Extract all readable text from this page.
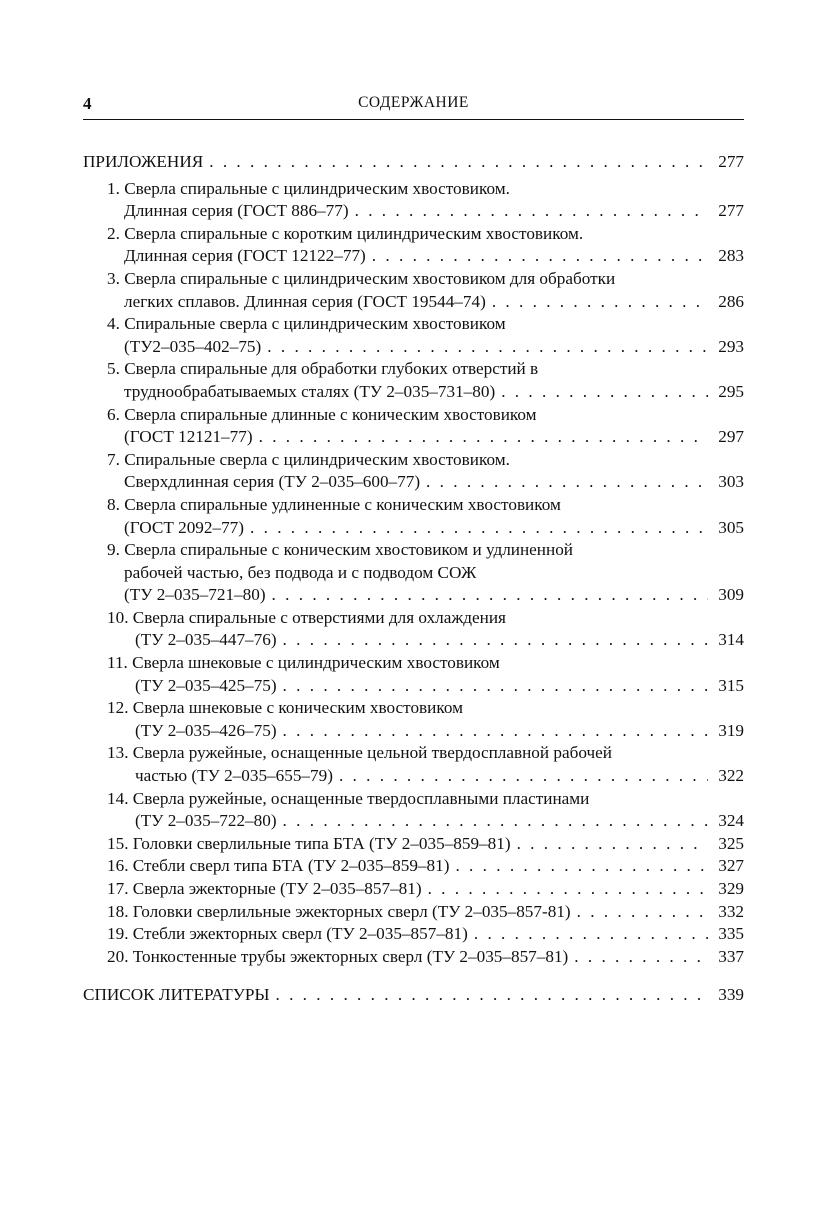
СОДЕРЖАНИЕ
4
ПРИЛОЖЕНИЯ . . .	277
1. Сверла спиральные с цилиндрическим хвостовиком.
Длинная серия (ГОСТ 886–77) . . .	277
2. Сверла спиральные с коротким цилиндрическим хвостовиком.
Длинная серия (ГОСТ 12122–77) . . .	283
3. Сверла спиральные с цилиндрическим хвостовиком для обработки
легких сплавов. Длинная серия (ГОСТ 19544–74) . . .	286
4. Спиральные сверла с цилиндрическим хвостовиком
(ТУ2–035–402–75) . . .	293
5. Сверла спиральные для обработки глубоких отверстий в
труднообрабатываемых сталях (ТУ 2–035–731–80) . . .	295
6. Сверла спиральные длинные с коническим хвостовиком
(ГОСТ 12121–77) . . .	297
7. Спиральные сверла с цилиндрическим хвостовиком.
Сверхдлинная серия (ТУ 2–035–600–77) . . .	303
8. Сверла спиральные удлиненные с коническим хвостовиком
(ГОСТ 2092–77) . . .	305
9. Сверла спиральные с коническим хвостовиком и удлиненной
рабочей частью, без подвода и с подводом СОЖ
(ТУ 2–035–721–80) . . .	309
10. Сверла спиральные с отверстиями для охлаждения
(ТУ 2–035–447–76) . . .	314
11. Сверла шнековые с цилиндрическим хвостовиком
(ТУ 2–035–425–75) . . .	315
12. Сверла шнековые с коническим хвостовиком
(ТУ 2–035–426–75) . . .	319
13. Сверла ружейные, оснащенные цельной твердосплавной рабочей
частью (ТУ 2–035–655–79) . . .	322
14. Сверла ружейные, оснащенные твердосплавными пластинами
(ТУ 2–035–722–80) . . .	324
15. Головки сверлильные типа БТА (ТУ 2–035–859–81) . . .	325
16. Стебли сверл типа БТА (ТУ 2–035–859–81) . . .	327
17. Сверла эжекторные (ТУ 2–035–857–81) . . .	329
18. Головки сверлильные эжекторных сверл (ТУ 2–035–857-81) . . .	332
19. Стебли эжекторных сверл (ТУ 2–035–857–81) . . .	335
20. Тонкостенные трубы эжекторных сверл (ТУ 2–035–857–81) . . .	337
СПИСОК ЛИТЕРАТУРЫ . . .	339
